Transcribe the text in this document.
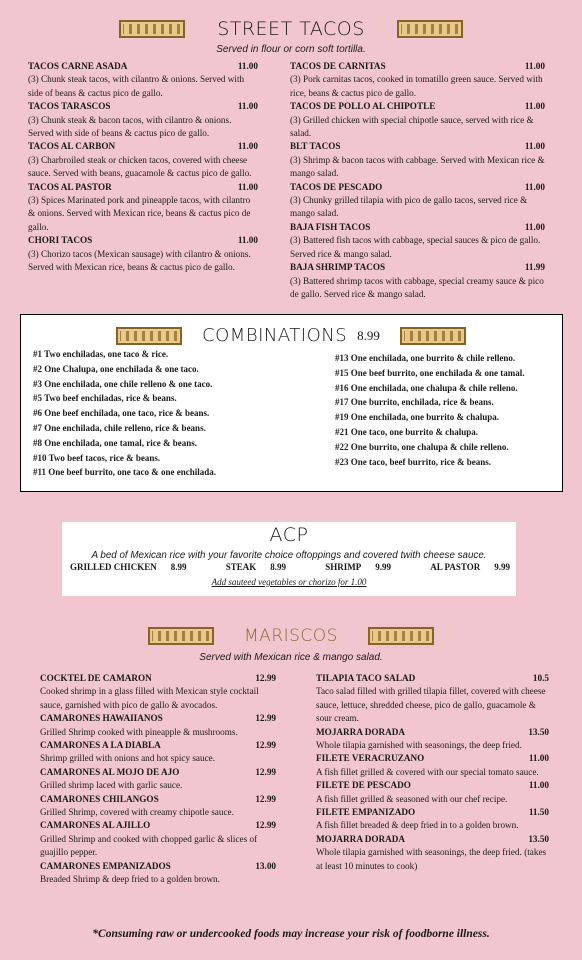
STREET TACOS
Served in flour or corn soft tortilla.
TACOS CARNE ASADA	11.00
(3) Chunk steak tacos, with cilantro & onions. Served with side of beans & cactus pico de gallo.
TACOS TARASCOS	11.00
(3) Chunk steak & bacon tacos, with cilantro & onions. Served with side of beans & cactus pico de gallo.
TACOS AL CARBON	11.00
(3) Charbroiled steak or chicken tacos, covered with cheese sauce. Served with beans, guacamole & cactus pico de gallo.
TACOS AL PASTOR	11.00
(3) Spices Marinated pork and pineapple tacos, with cilantro & onions. Served with Mexican rice, beans & cactus pico de gallo.
CHORI TACOS	11.00
(3) Chorizo tacos (Mexican sausage) with cilantro & onions. Served with Mexican rice, beans & cactus pico de gallo.
TACOS DE CARNITAS	11.00
(3) Pork carnitas tacos, cooked in tomatillo green sauce. Served with rice, beans & cactus pico de gallo.
TACOS DE POLLO AL CHIPOTLE	11.00
(3) Grilled chicken with special chipotle sauce, served with rice & salad.
BLT TACOS	11.00
(3) Shrimp & bacon tacos with cabbage. Served with Mexican rice & mango salad.
TACOS DE PESCADO	11.00
(3) Chunky grilled tilapia with pico de gallo tacos, served rice & mango salad.
BAJA FISH TACOS	11.00
(3) Battered fish tacos with cabbage, special sauces & pico de gallo. Served rice & mango salad.
BAJA SHRIMP TACOS	11.99
(3) Battered shrimp tacos with cabbage, special creamy sauce & pico de gallo. Served rice & mango salad.
COMBINATIONS 8.99
#1 Two enchiladas, one taco & rice.
#2 One Chalupa, one enchilada & one taco.
#3 One enchilada, one chile relleno & one taco.
#5 Two beef enchiladas, rice & beans.
#6 One beef enchilada, one taco, rice & beans.
#7 One enchilada, chile relleno, rice & beans.
#8 One enchilada, one tamal, rice & beans.
#10 Two beef tacos, rice & beans.
#11 One beef burrito, one taco & one enchilada.
#13 One enchilada, one burrito & chile relleno.
#15 One beef burrito, one enchilada & one tamal.
#16 One enchilada, one chalupa & chile relleno.
#17 One burrito, enchilada, rice & beans.
#19 One enchilada, one burrito & chalupa.
#21 One taco, one burrito & chalupa.
#22 One burrito, one chalupa & chile relleno.
#23 One taco, beef burrito, rice & beans.
ACP
A bed of Mexican rice with your favorite choice oftoppings and covered twith cheese sauce.
GRILLED CHICKEN 8.99	STEAK 8.99	SHRIMP 9.99	AL PASTOR 9.99
Add sauteed vegetables or chorizo for 1.00
MARISCOS
Served with Mexican rice & mango salad.
COCKTEL DE CAMARON	12.99
Cooked shrimp in a glass filled with Mexican style cocktail sauce, garnished with pico de gallo & avocados.
CAMARONES HAWAIIANOS	12.99
Grilled Shrimp cooked with pineapple & mushrooms.
CAMARONES A LA DIABLA	12.99
Shrimp grilled with onions and hot spicy sauce.
CAMARONES AL MOJO DE AJO	12.99
Grilled shrimp laced with garlic sauce.
CAMARONES CHILANGOS	12.99
Grilled Shrimp, covered with creamy chipotle sauce.
CAMARONES AL AJILLO	12.99
Grilled Shrimp and cooked with chopped garlic & slices of guajillo pepper.
CAMARONES EMPANIZADOS	13.00
Breaded Shrimp & deep fried to a golden brown.
TILAPIA TACO SALAD	10.5
Taco salad filled with grilled tilapia fillet, covered with cheese sauce, lettuce, shredded cheese, pico de gallo, guacamole & sour cream.
MOJARRA DORADA	13.50
Whole tilapia garnished with seasonings, the deep fried.
FILETE VERACRUZANO	11.00
A fish fillet grilled & covered with our special tomato sauce.
FILETE DE PESCADO	11.00
A fish fillet grilled & seasoned with our chef recipe.
FILETE EMPANIZADO	11.50
A fish fillet breaded & deep fried in to a golden brown.
MOJARRA DORADA	13.50
Whole tilapia garnished with seasonings, the deep fried. (takes at least 10 minutes to cook)
*Consuming raw or undercooked foods may increase your risk of foodborne illness.
